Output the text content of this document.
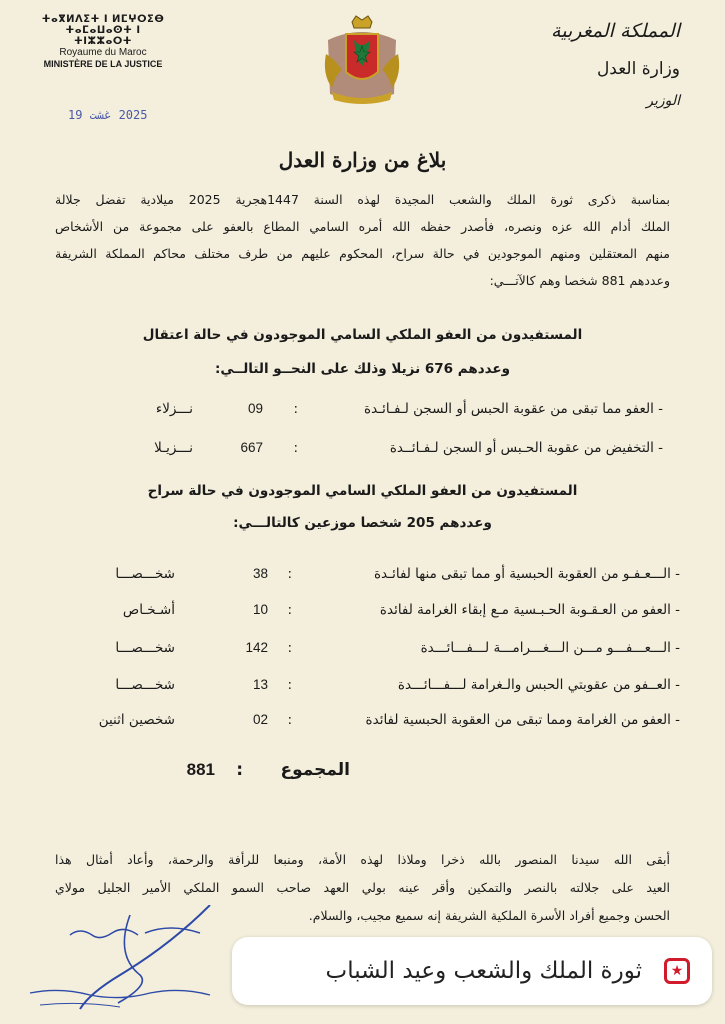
ⵜⴰⴳⵍⴷⵉⵜ ⵏ ⵍⵎⵖⵔⵉⴱ
ⵜⴰⵎⴰⵡⴰⵙⵜ ⵏ ⵜⵏⵣⵣⴰⵔⵜ
Royaume du Maroc
MINISTÈRE DE LA JUSTICE
المملكة المغربية
وزارة العدل
الوزير
2025 غشت 19
بلاغ من وزارة العدل
بمناسبة ذكرى ثورة الملك والشعب المجيدة لهذه السنة 1447هجرية 2025 ميلادية تفضل جلالة
الملك أدام الله عزه ونصره، فأصدر حفظه الله أمره السامي المطاع بالعفو على مجموعة من الأشخاص
منهم المعتقلين ومنهم الموجودين في حالة سراح، المحكوم عليهم من طرف مختلف محاكم المملكة الشريفة
وعددهم 881 شخصا وهم كالآتـــي:
المستفيدون من العفو الملكي السامي الموجودون في حالة اعتقال
وعددهم 676 نزيلا وذلك على النحــو التالــي:
- العفو مما تبقى من عقوبة الحبس أو السجن لـفـائـدة
:
09
نـــزلاء
- التخفيض من عقوبة الحـبس أو السجن لـفـائــدة
:
667
نـــزيـلا
المستفيدون من العفو الملكي السامي الموجودون في حالة سراح
وعددهم 205 شخصا موزعين كالتالـــي:
- الـــعـفـو من العقوبة الحبسية أو مما تبقى منها لفائـدة
:
38
شخـــصـــا
- العفو من العـقـوبة الحـبـسية مـع إبقاء الغرامة لفائدة
:
10
أشـخـاص
- الـــعـــفـــو مـــن الـــغـــرامـــة لـــفـــائـــدة
:
142
شخـــصـــا
- العــفو من عقوبتي الحبس والـغرامة لـــفـــائـــدة
:
13
شخـــصـــا
- العفو من الغرامة ومما تبقى من العقوبة الحبسية لفائدة
:
02
شخصين اثنين
المجموع
:
881
أبقى الله سيدنا المنصور بالله ذخرا وملاذا لهذه الأمة، ومنبعا للرأفة والرحمة، وأعاد أمثال هذا
العيد على جلالته بالنصر والتمكين وأقر عينه بولي العهد صاحب السمو الملكي الأمير الجليل مولاي
الحسن وجميع أفراد الأسرة الملكية الشريفة إنه سميع مجيب، والسلام.
ثورة الملك والشعب وعيد الشباب	★
